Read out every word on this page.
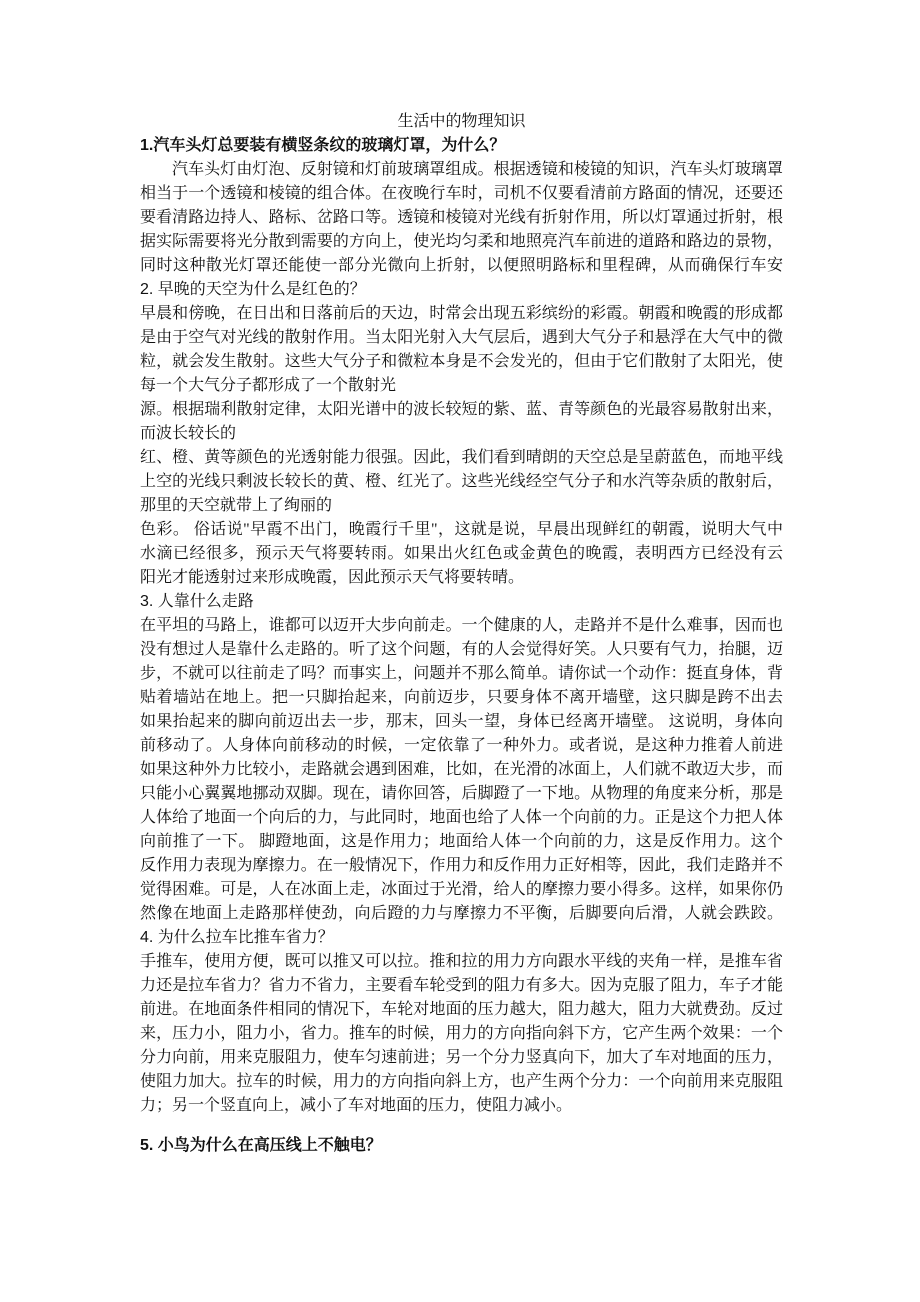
生活中的物理知识
1.汽车头灯总要装有横竖条纹的玻璃灯罩，为什么？
汽车头灯由灯泡、反射镜和灯前玻璃罩组成。根据透镜和棱镜的知识，汽车头灯玻璃罩
相当于一个透镜和棱镜的组合体。在夜晚行车时，司机不仅要看清前方路面的情况，还要还
要看清路边持人、路标、岔路口等。透镜和棱镜对光线有折射作用，所以灯罩通过折射，根
据实际需要将光分散到需要的方向上，使光均匀柔和地照亮汽车前进的道路和路边的景物，
同时这种散光灯罩还能使一部分光微向上折射，以便照明路标和里程碑，从而确保行车安
2. 早晚的天空为什么是红色的？
早晨和傍晚，在日出和日落前后的天边，时常会出现五彩缤纷的彩霞。朝霞和晚霞的形成都
是由于空气对光线的散射作用。当太阳光射入大气层后，遇到大气分子和悬浮在大气中的微
粒，就会发生散射。这些大气分子和微粒本身是不会发光的，但由于它们散射了太阳光，使
每一个大气分子都形成了一个散射光
源。根据瑞利散射定律，太阳光谱中的波长较短的紫、蓝、青等颜色的光最容易散射出来，
而波长较长的
红、橙、黄等颜色的光透射能力很强。因此，我们看到晴朗的天空总是呈蔚蓝色，而地平线
上空的光线只剩波长较长的黄、橙、红光了。这些光线经空气分子和水汽等杂质的散射后，
那里的天空就带上了绚丽的
色彩。 俗话说"早霞不出门，晚霞行千里"，这就是说，早晨出现鲜红的朝霞，说明大气中
水滴已经很多，预示天气将要转雨。如果出火红色或金黄色的晚霞，表明西方已经没有云
阳光才能透射过来形成晚霞，因此预示天气将要转晴。
3. 人靠什么走路
在平坦的马路上，谁都可以迈开大步向前走。一个健康的人，走路并不是什么难事，因而也
没有想过人是靠什么走路的。听了这个问题，有的人会觉得好笑。人只要有气力，抬腿，迈
步，不就可以往前走了吗？而事实上，问题并不那么简单。请你试一个动作：挺直身体，背
贴着墙站在地上。把一只脚抬起来，向前迈步，只要身体不离开墙壁，这只脚是跨不出去
如果抬起来的脚向前迈出去一步，那末，回头一望，身体已经离开墙壁。 这说明，身体向
前移动了。人身体向前移动的时候，一定依靠了一种外力。或者说，是这种力推着人前进
如果这种外力比较小，走路就会遇到困难，比如，在光滑的冰面上，人们就不敢迈大步，而
只能小心翼翼地挪动双脚。现在，请你回答，后脚蹬了一下地。从物理的角度来分析，那是
人体给了地面一个向后的力，与此同时，地面也给了人体一个向前的力。正是这个力把人体
向前推了一下。 脚蹬地面，这是作用力；地面给人体一个向前的力，这是反作用力。这个
反作用力表现为摩擦力。在一般情况下，作用力和反作用力正好相等，因此，我们走路并不
觉得困难。可是，人在冰面上走，冰面过于光滑，给人的摩擦力要小得多。这样，如果你仍
然像在地面上走路那样使劲，向后蹬的力与摩擦力不平衡，后脚要向后滑，人就会跌跤。
4. 为什么拉车比推车省力？
手推车，使用方便，既可以推又可以拉。推和拉的用力方向跟水平线的夹角一样，是推车省
力还是拉车省力？省力不省力，主要看车轮受到的阻力有多大。因为克服了阻力，车子才能
前进。在地面条件相同的情况下，车轮对地面的压力越大，阻力越大，阻力大就费劲。反过
来，压力小，阻力小，省力。推车的时候，用力的方向指向斜下方，它产生两个效果：一个
分力向前，用来克服阻力，使车匀速前进；另一个分力竖真向下，加大了车对地面的压力，
使阻力加大。拉车的时候，用力的方向指向斜上方，也产生两个分力：一个向前用来克服阻
力；另一个竖直向上，减小了车对地面的压力，使阻力减小。
5. 小鸟为什么在高压线上不触电？
